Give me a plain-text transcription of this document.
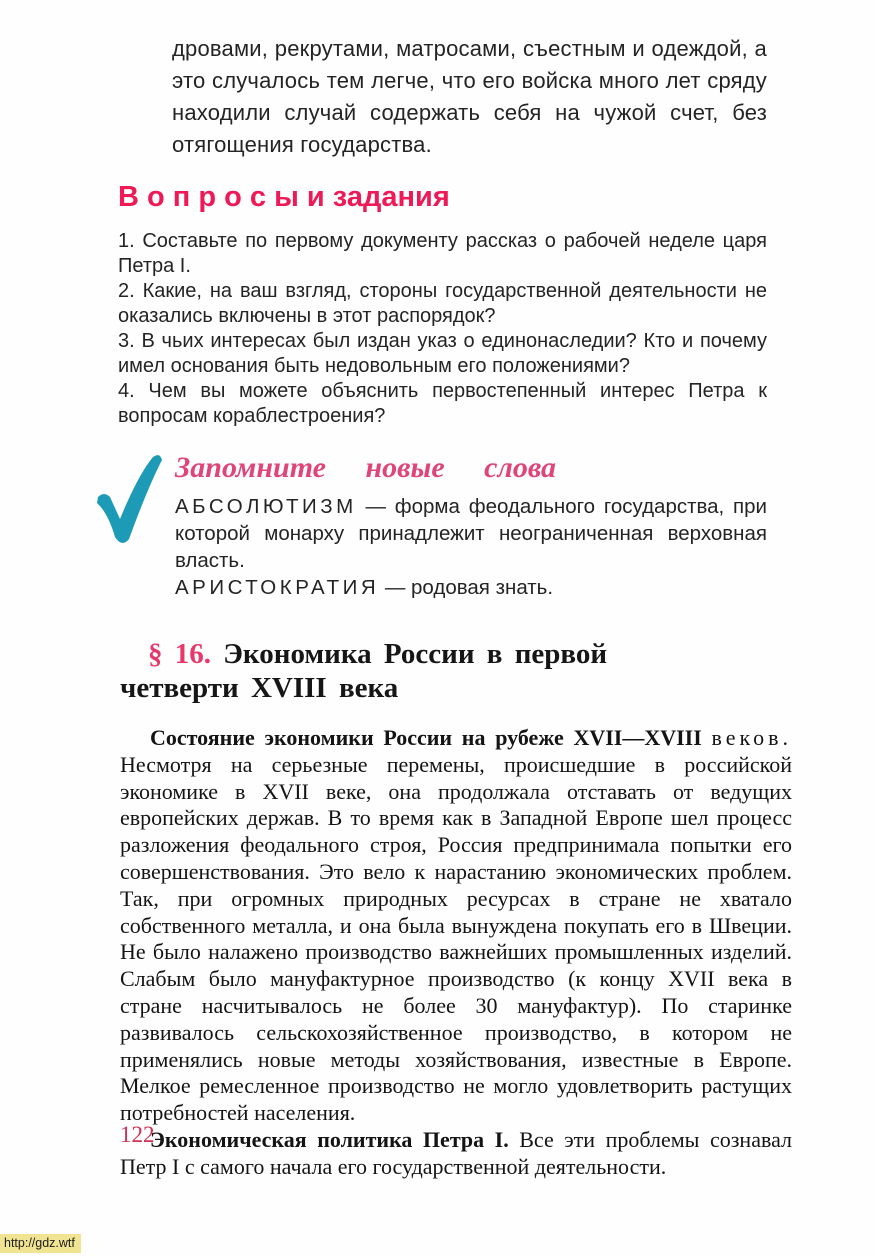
дровами, рекрутами, матросами, съестным и одеждой, а это случалось тем легче, что его войска много лет сряду находили случай содержать себя на чужой счет, без отягощения государства.

В о п р о с ы и задания

1. Составьте по первому документу рассказ о рабочей неделе царя Петра I.

2. Какие, на ваш взгляд, стороны государственной деятельности не оказались включены в этот распорядок?

3. В чьих интересах был издан указ о единонаследии? Кто и почему имел основания быть недовольным его положениями?

4. Чем вы можете объяснить первостепенный интерес Петра к вопросам кораблестроения?

Запомните новые слова

АБСОЛЮТИЗМ — форма феодального государства, при которой монарху принадлежит неограниченная верховная власть.

АРИСТОКРАТИЯ — родовая знать.

§ 16. Экономика России в первой четверти XVIII века

Состояние экономики России на рубеже XVII—XVIII веков. Несмотря на серьезные перемены, происшедшие в российской экономике в XVII веке, она продолжала отставать от ведущих европейских держав. В то время как в Западной Европе шел процесс разложения феодального строя, Россия предпринимала попытки его совершенствования. Это вело к нарастанию экономических проблем. Так, при огромных природных ресурсах в стране не хватало собственного металла, и она была вынуждена покупать его в Швеции. Не было налажено производство важнейших промышленных изделий. Слабым было мануфактурное производство (к концу XVII века в стране насчитывалось не более 30 мануфактур). По старинке развивалось сельскохозяйственное производство, в котором не применялись новые методы хозяйствования, известные в Европе. Мелкое ремесленное производство не могло удовлетворить растущих потребностей населения.

Экономическая политика Петра I. Все эти проблемы сознавал Петр I с самого начала его государственной деятельности.

122
http://gdz.wtf
